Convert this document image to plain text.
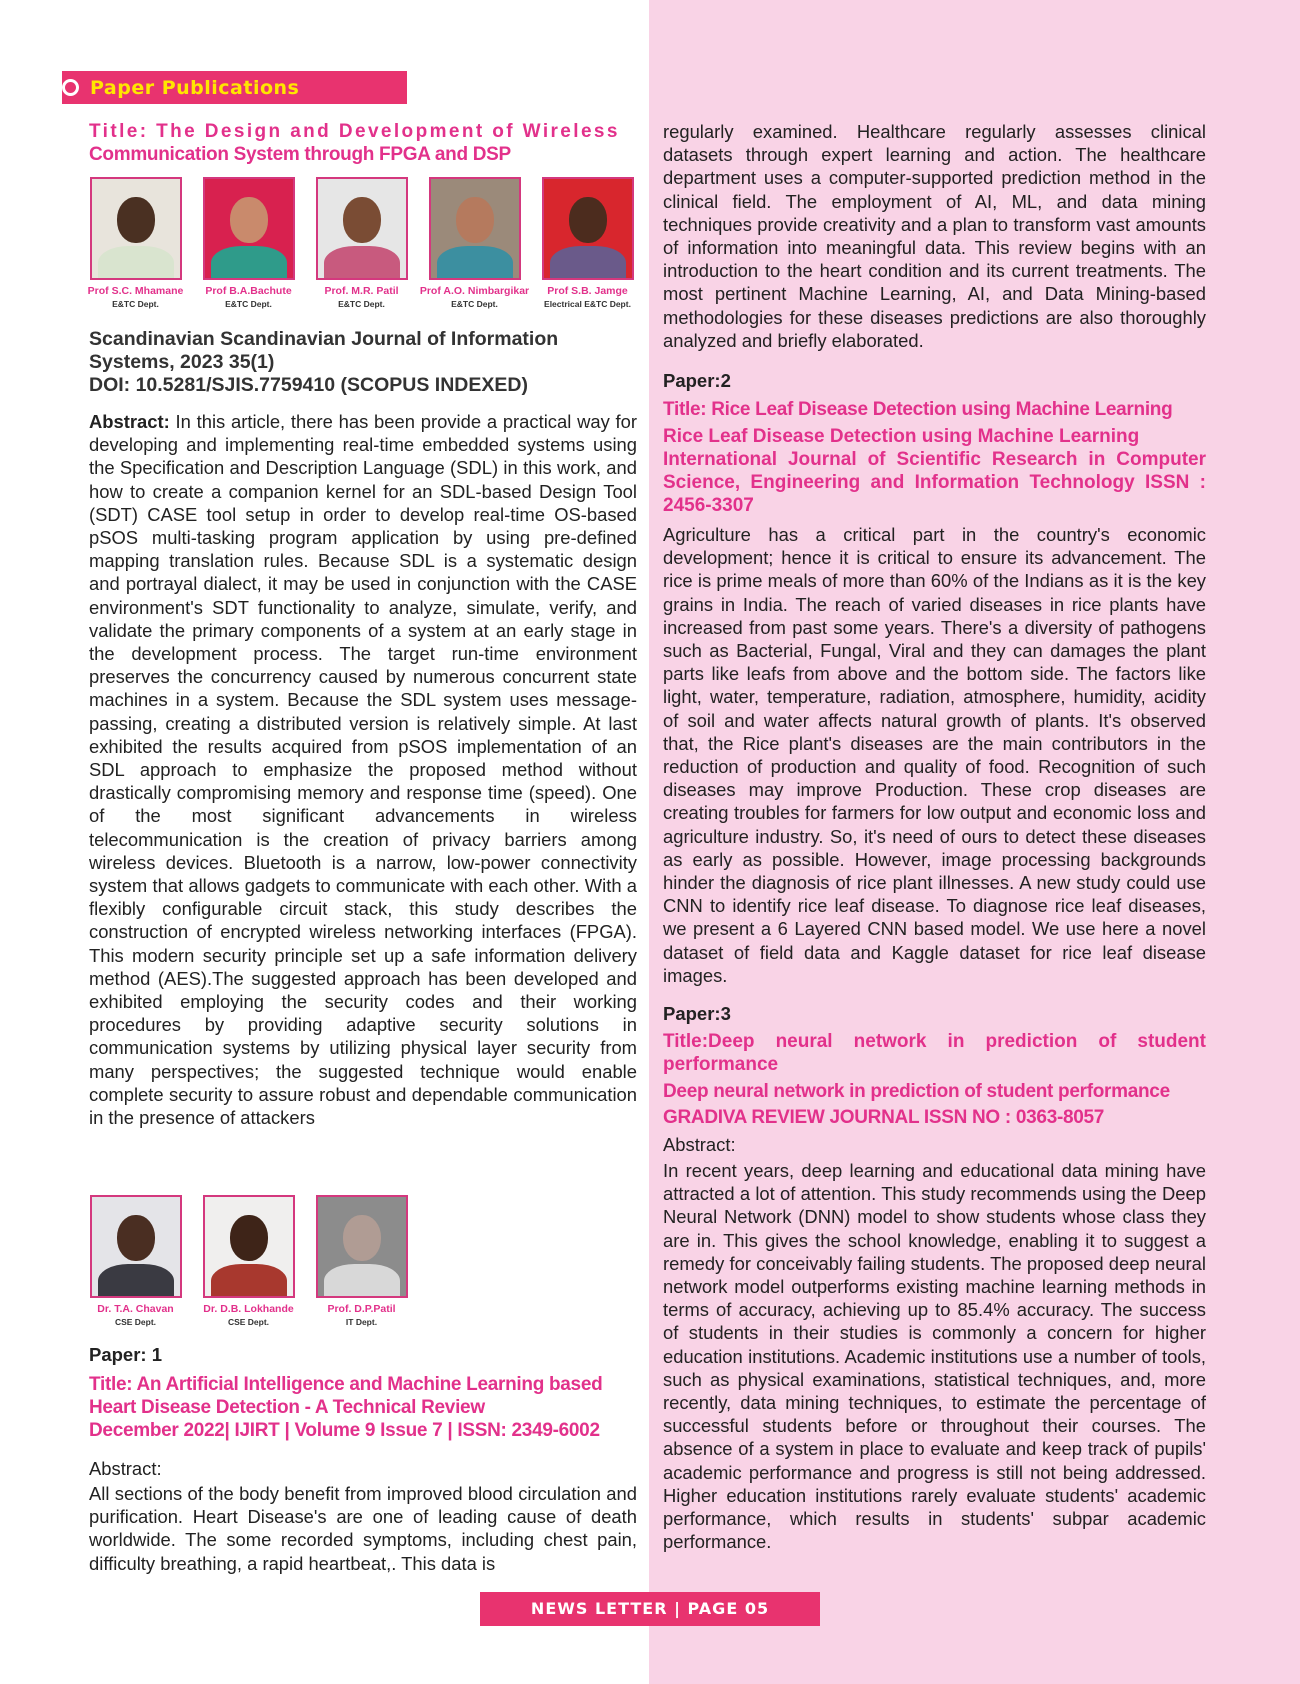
Paper Publications
Title: The Design and Development of Wireless
Communication System through FPGA and DSP
Prof S.C. Mhamane
E&TC Dept.
Prof B.A.Bachute
E&TC Dept.
Prof. M.R. Patil
E&TC Dept.
Prof A.O. Nimbargikar
E&TC Dept.
Prof S.B. Jamge
Electrical E&TC Dept.
Scandinavian Scandinavian Journal of Information
Systems, 2023 35(1)
DOI: 10.5281/SJIS.7759410 (SCOPUS INDEXED)

Abstract: In this article, there has been provide a practical way for developing and implementing real-time embedded systems using the Specification and Description Language (SDL) in this work, and how to create a companion kernel for an SDL-based Design Tool (SDT) CASE tool setup in order to develop real-time OS-based pSOS multi-tasking program application by using pre-defined mapping translation rules. Because SDL is a systematic design and portrayal dialect, it may be used in conjunction with the CASE environment's SDT functionality to analyze, simulate, verify, and validate the primary components of a system at an early stage in the development process. The target run-time environment preserves the concurrency caused by numerous concurrent state machines in a system. Because the SDL system uses message-passing, creating a distributed version is relatively simple. At last exhibited the results acquired from pSOS implementation of an SDL approach to emphasize the proposed method without drastically compromising memory and response time (speed). One of the most significant advancements in wireless telecommunication is the creation of privacy barriers among wireless devices. Bluetooth is a narrow, low-power connectivity system that allows gadgets to communicate with each other. With a flexibly configurable circuit stack, this study describes the construction of encrypted wireless networking interfaces (FPGA). This modern security principle set up a safe information delivery method (AES).The suggested approach has been developed and exhibited employing the security codes and their working procedures by providing adaptive security solutions in communication systems by utilizing physical layer security from many perspectives; the suggested technique would enable complete security to assure robust and dependable communication in the presence of attackers

Dr. T.A. Chavan
CSE Dept.
Dr. D.B. Lokhande
CSE Dept.
Prof. D.P.Patil
IT Dept.
Paper: 1
Title: An Artificial Intelligence and Machine Learning based
Heart Disease Detection - A Technical Review
December 2022| IJIRT | Volume 9 Issue 7 | ISSN: 2349-6002
Abstract:

All sections of the body benefit from improved blood circulation and purification. Heart Disease's are one of leading cause of death worldwide. The some recorded symptoms, including chest pain, difficulty breathing, a rapid heartbeat,. This data is

regularly examined. Healthcare regularly assesses clinical datasets through expert learning and action. The healthcare department uses a computer-supported prediction method in the clinical field. The employment of AI, ML, and data mining techniques provide creativity and a plan to transform vast amounts of information into meaningful data. This review begins with an introduction to the heart condition and its current treatments. The most pertinent Machine Learning, AI, and Data Mining-based methodologies for these diseases predictions are also thoroughly analyzed and briefly elaborated.

Paper:2
Title: Rice Leaf Disease Detection using Machine Learning
Rice Leaf Disease Detection using Machine Learning
International Journal of Scientific Research in Computer Science, Engineering and Information Technology ISSN : 2456-3307

Agriculture has a critical part in the country's economic development; hence it is critical to ensure its advancement. The rice is prime meals of more than 60% of the Indians as it is the key grains in India. The reach of varied diseases in rice plants have increased from past some years. There's a diversity of pathogens such as Bacterial, Fungal, Viral and they can damages the plant parts like leafs from above and the bottom side. The factors like light, water, temperature, radiation, atmosphere, humidity, acidity of soil and water affects natural growth of plants. It's observed that, the Rice plant's diseases are the main contributors in the reduction of production and quality of food. Recognition of such diseases may improve Production. These crop diseases are creating troubles for farmers for low output and economic loss and agriculture industry. So, it's need of ours to detect these diseases as early as possible. However, image processing backgrounds hinder the diagnosis of rice plant illnesses. A new study could use CNN to identify rice leaf disease. To diagnose rice leaf diseases, we present a 6 Layered CNN based model. We use here a novel dataset of field data and Kaggle dataset for rice leaf disease images.

Paper:3
Title:Deep neural network in prediction of student performance
Deep neural network in prediction of student performance
GRADIVA REVIEW JOURNAL ISSN NO : 0363-8057
Abstract:

In recent years, deep learning and educational data mining have attracted a lot of attention. This study recommends using the Deep Neural Network (DNN) model to show students whose class they are in. This gives the school knowledge, enabling it to suggest a remedy for conceivably failing students. The proposed deep neural network model outperforms existing machine learning methods in terms of accuracy, achieving up to 85.4% accuracy. The success of students in their studies is commonly a concern for higher education institutions. Academic institutions use a number of tools, such as physical examinations, statistical techniques, and, more recently, data mining techniques, to estimate the percentage of successful students before or throughout their courses. The absence of a system in place to evaluate and keep track of pupils' academic performance and progress is still not being addressed. Higher education institutions rarely evaluate students' academic performance, which results in students' subpar academic performance.

NEWS LETTER | PAGE 05
